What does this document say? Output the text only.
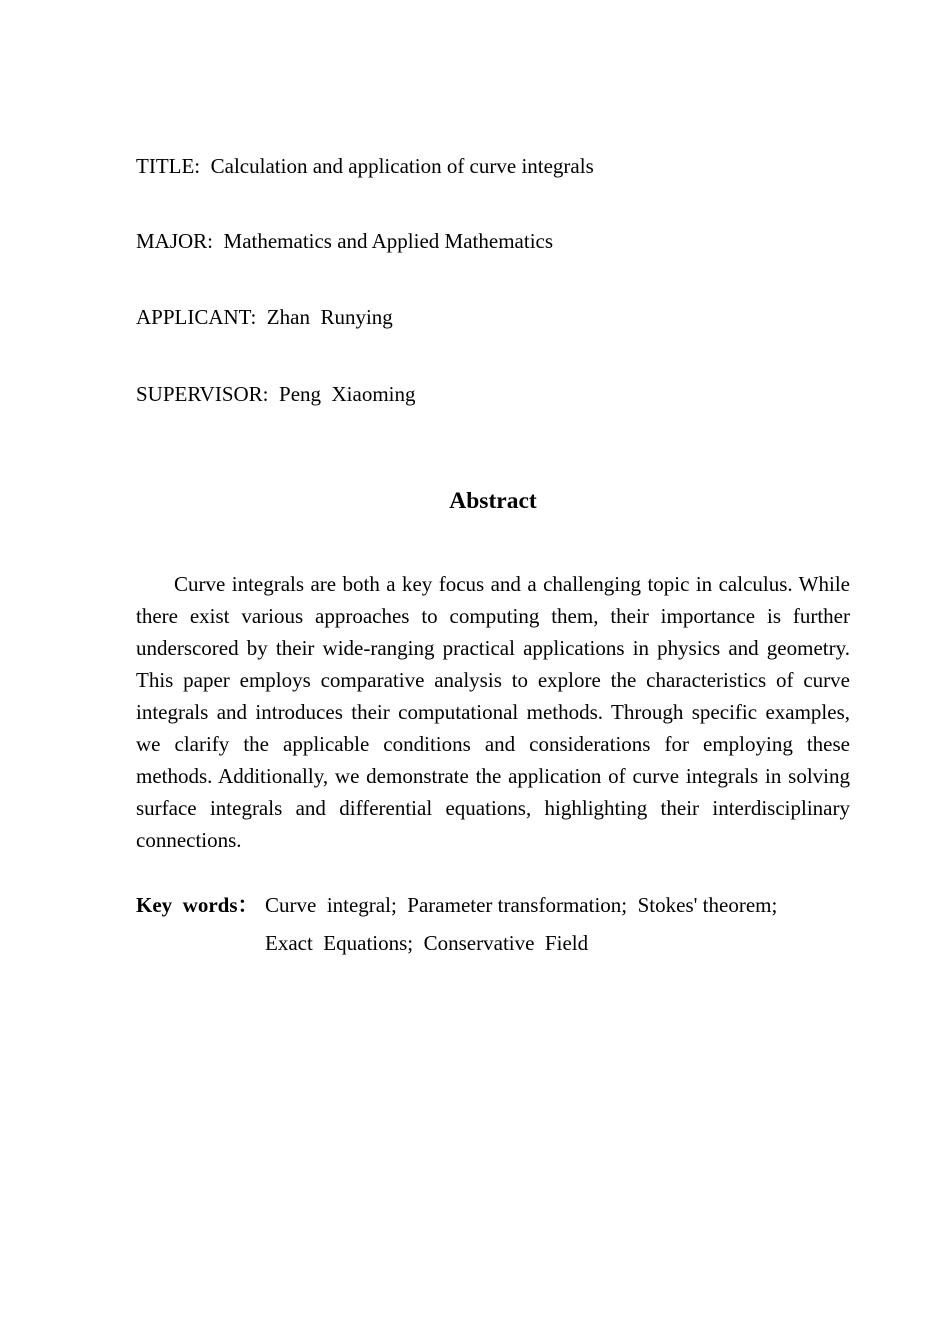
TITLE:  Calculation and application of curve integrals
MAJOR:  Mathematics and Applied Mathematics
APPLICANT:  Zhan  Runying
SUPERVISOR:  Peng  Xiaoming
Abstract

Curve integrals are both a key focus and a challenging topic in calculus. While there exist various approaches to computing them, their importance is further underscored by their wide-ranging practical applications in physics and geometry. This paper employs comparative analysis to explore the characteristics of curve integrals and introduces their computational methods. Through specific examples, we clarify the applicable conditions and considerations for employing these methods. Additionally, we demonstrate the application of curve integrals in solving surface integrals and differential equations, highlighting their interdisciplinary connections.

Key  words： Curve  integral;  Parameter transformation;  Stokes' theorem;
Exact  Equations;  Conservative  Field
